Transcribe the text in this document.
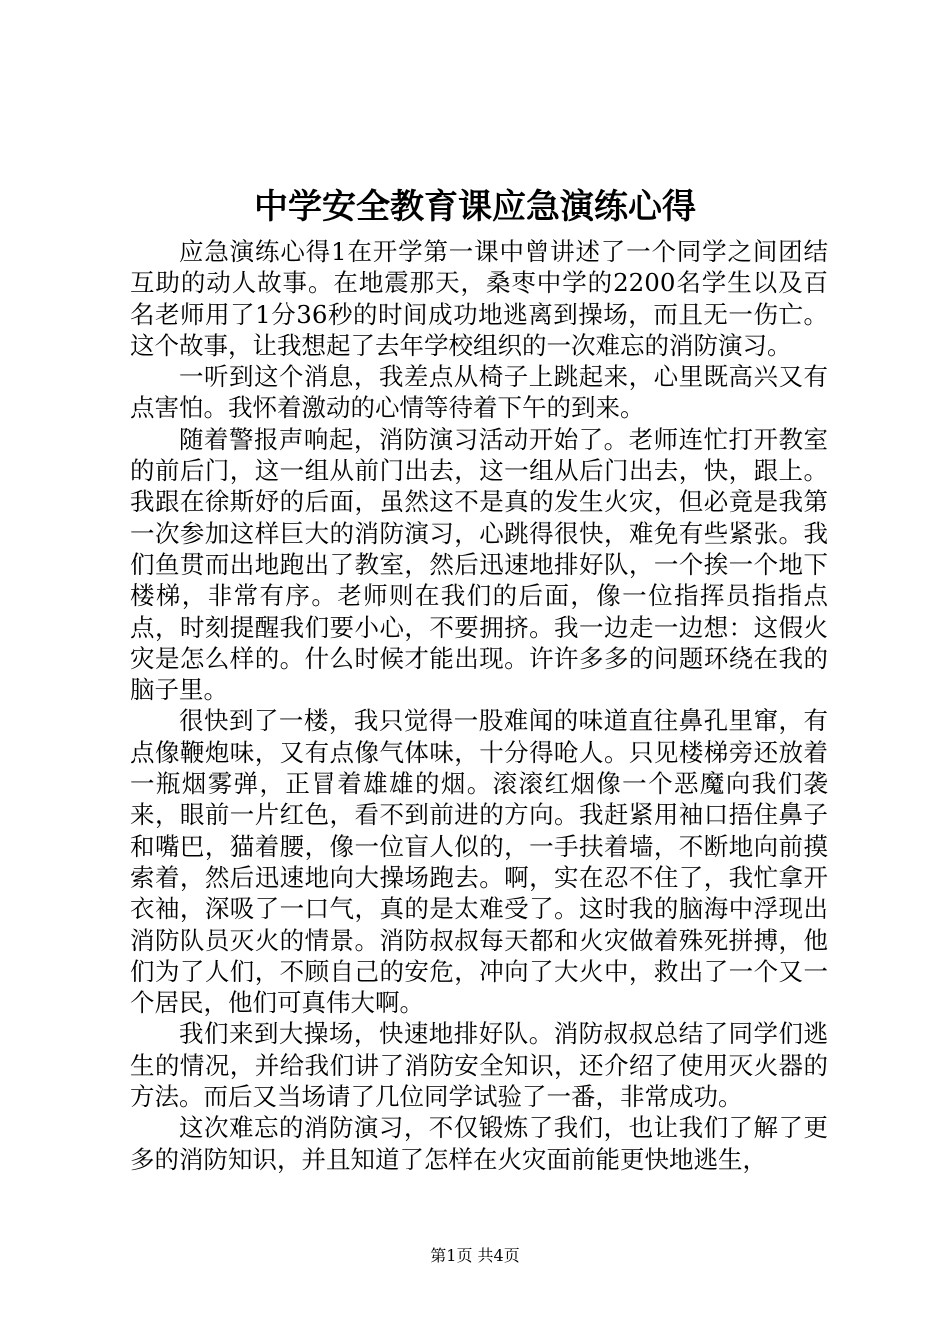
中学安全教育课应急演练心得

应急演练心得1在开学第一课中曾讲述了一个同学之间团结互助的动人故事。在地震那天，桑枣中学的2200名学生以及百名老师用了1分36秒的时间成功地逃离到操场，而且无一伤亡。这个故事，让我想起了去年学校组织的一次难忘的消防演习。

一听到这个消息，我差点从椅子上跳起来，心里既高兴又有点害怕。我怀着激动的心情等待着下午的到来。

随着警报声响起，消防演习活动开始了。老师连忙打开教室的前后门，这一组从前门出去，这一组从后门出去，快，跟上。我跟在徐斯妤的后面，虽然这不是真的发生火灾，但必竟是我第一次参加这样巨大的消防演习，心跳得很快，难免有些紧张。我们鱼贯而出地跑出了教室，然后迅速地排好队，一个挨一个地下楼梯，非常有序。老师则在我们的后面，像一位指挥员指指点点，时刻提醒我们要小心，不要拥挤。我一边走一边想：这假火灾是怎么样的。什么时候才能出现。许许多多的问题环绕在我的脑子里。

很快到了一楼，我只觉得一股难闻的味道直往鼻孔里窜，有点像鞭炮味，又有点像气体味，十分得呛人。只见楼梯旁还放着一瓶烟雾弹，正冒着雄雄的烟。滚滚红烟像一个恶魔向我们袭来，眼前一片红色，看不到前进的方向。我赶紧用袖口捂住鼻子和嘴巴，猫着腰，像一位盲人似的，一手扶着墙，不断地向前摸索着，然后迅速地向大操场跑去。啊，实在忍不住了，我忙拿开衣袖，深吸了一口气，真的是太难受了。这时我的脑海中浮现出消防队员灭火的情景。消防叔叔每天都和火灾做着殊死拼搏，他们为了人们，不顾自己的安危，冲向了大火中，救出了一个又一个居民，他们可真伟大啊。

我们来到大操场，快速地排好队。消防叔叔总结了同学们逃生的情况，并给我们讲了消防安全知识，还介绍了使用灭火器的方法。而后又当场请了几位同学试验了一番，非常成功。

这次难忘的消防演习，不仅锻炼了我们，也让我们了解了更多的消防知识，并且知道了怎样在火灾面前能更快地逃生，

第1页 共4页
